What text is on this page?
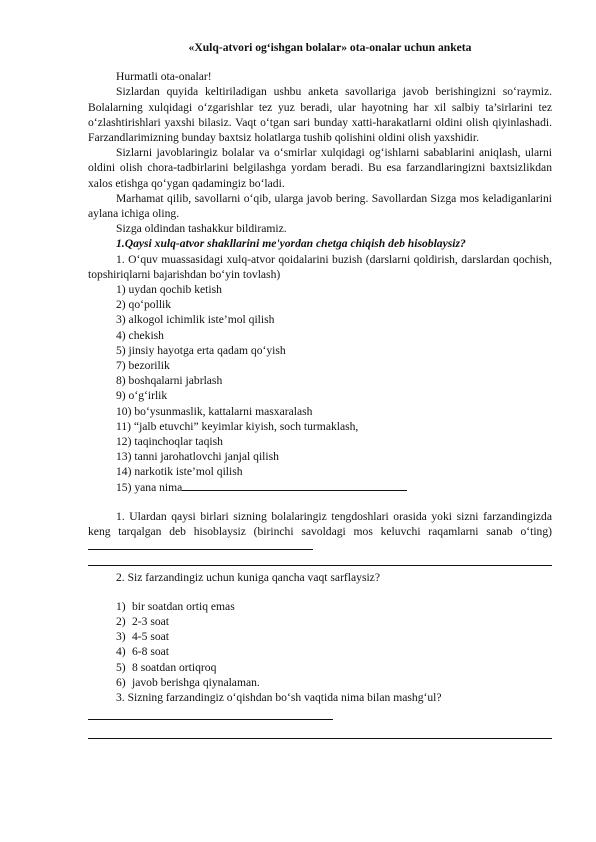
«Xulq-atvori og‘ishgan bolalar» ota-onalar uchun anketa

Hurmatli ota-onalar!

Sizlardan quyida keltiriladigan ushbu anketa savollariga javob berishingizni so‘raymiz. Bolalarning xulqidagi o‘zgarishlar tez yuz beradi, ular hayotning har xil salbiy ta’sirlarini tez o‘zlashtirishlari yaxshi bilasiz. Vaqt o‘tgan sari bunday xatti-harakatlarni oldini olish qiyinlashadi. Farzandlarimizning bunday baxtsiz holatlarga tushib qolishini oldini olish yaxshidir.

Sizlarni javoblaringiz bolalar va o‘smirlar xulqidagi og‘ishlarni sabablarini aniqlash, ularni oldini olish chora-tadbirlarini belgilashga yordam beradi. Bu esa farzandlaringizni baxtsizlikdan xalos etishga qo‘ygan qadamingiz bo‘ladi.

Marhamat qilib, savollarni o‘qib, ularga javob bering. Savollardan Sizga mos keladiganlarini aylana ichiga oling.

Sizga oldindan tashakkur bildiramiz.

1.Qaysi xulq-atvor shakllarini me'yordan chetga chiqish deb hisoblaysiz?

1. O‘quv muassasidagi xulq-atvor qoidalarini buzish (darslarni qoldirish, darslardan qochish, topshiriqlarni bajarishdan bo‘yin tovlash)

1) uydan qochib ketish

2) qo‘pollik

3) alkogol ichimlik iste’mol qilish

4) chekish

5) jinsiy hayotga erta qadam qo‘yish

7) bezorilik

8) boshqalarni jabrlash

9) o‘g‘irlik

10) bo‘ysunmaslik, kattalarni masxaralash

11) “jalb etuvchi” keyimlar kiyish, soch turmaklash,

12) taqinchoqlar taqish

13) tanni jarohatlovchi janjal qilish

14) narkotik iste’mol qilish

15) yana nima

1. Ulardan qaysi birlari sizning bolalaringiz tengdoshlari orasida yoki sizni farzandingizda keng tarqalgan deb hisoblaysiz (birinchi savoldagi mos keluvchi raqamlarni sanab o‘ting)

2. Siz farzandingiz uchun kuniga qancha vaqt sarflaysiz?

1) bir soatdan ortiq emas

2) 2-3 soat

3) 4-5 soat

4) 6-8 soat

5) 8 soatdan ortiqroq

6) javob berishga qiynalaman.

3. Sizning farzandingiz o‘qishdan bo‘sh vaqtida nima bilan mashg‘ul?
